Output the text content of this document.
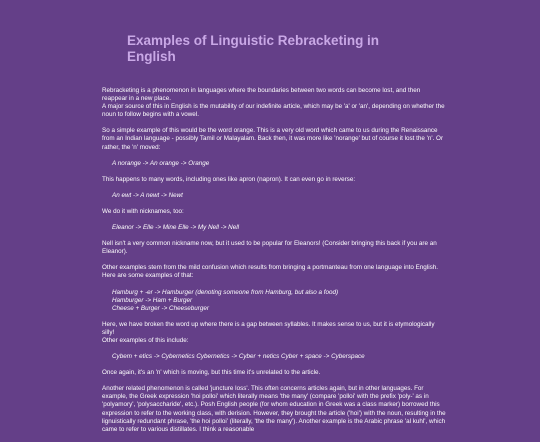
Examples of Linguistic Rebracketing in English

Rebracketing is a phenomenon in languages where the boundaries between two words can become lost, and then reappear in a new place.

A major source of this in English is the mutability of our indefinite article, which may be 'a' or 'an', depending on whether the noun to follow begins with a vowel.

So a simple example of this would be the word orange. This is a very old word which came to us during the Renaissance from an Indian language - possibly Tamil or Malayalam. Back then, it was more like 'norange' but of course it lost the 'n'. Or rather, the 'n' moved:

A norange -> An orange -> Orange

This happens to many words, including ones like apron (napron). It can even go in reverse:

An ewt -> A newt -> Newt

We do it with nicknames, too:

Eleanor -> Elle -> Mine Elle -> My Nell -> Nell

Nell isn't a very common nickname now, but it used to be popular for Eleanors! (Consider bringing this back if you are an Eleanor).

Other examples stem from the mild confusion which results from bringing a portmanteau from one language into English. Here are some examples of that:

Hamburg + -er -> Hamburger (denoting someone from Hamburg, but also a food)
Hamburger -> Ham + Burger
Cheese + Burger -> Cheeseburger

Here, we have broken the word up where there is a gap between syllables. It makes sense to us, but it is etymologically silly!

Other examples of this include:

Cybem + etics -> Cybernetics Cybernetics -> Cyber + netics Cyber + space -> Cyberspace

Once again, it's an 'n' which is moving, but this time it's unrelated to the article.

Another related phenomenon is called 'juncture loss'. This often concerns articles again, but in other languages. For example, the Greek expression 'hoi polloi' which literally means 'the many' (compare 'polloi' with the prefix 'poly-' as in 'polyamory', 'polysaccharide', etc.). Posh English people (for whom education in Greek was a class marker) borrowed this expression to refer to the working class, with derision. However, they brought the article ('hoi') with the noun, resulting in the lignuistically redundant phrase, 'the hoi polloi' (literally, 'the the many'). Another example is the Arabic phrase 'al kuhl', which came to refer to various distillates. I think a reasonable
